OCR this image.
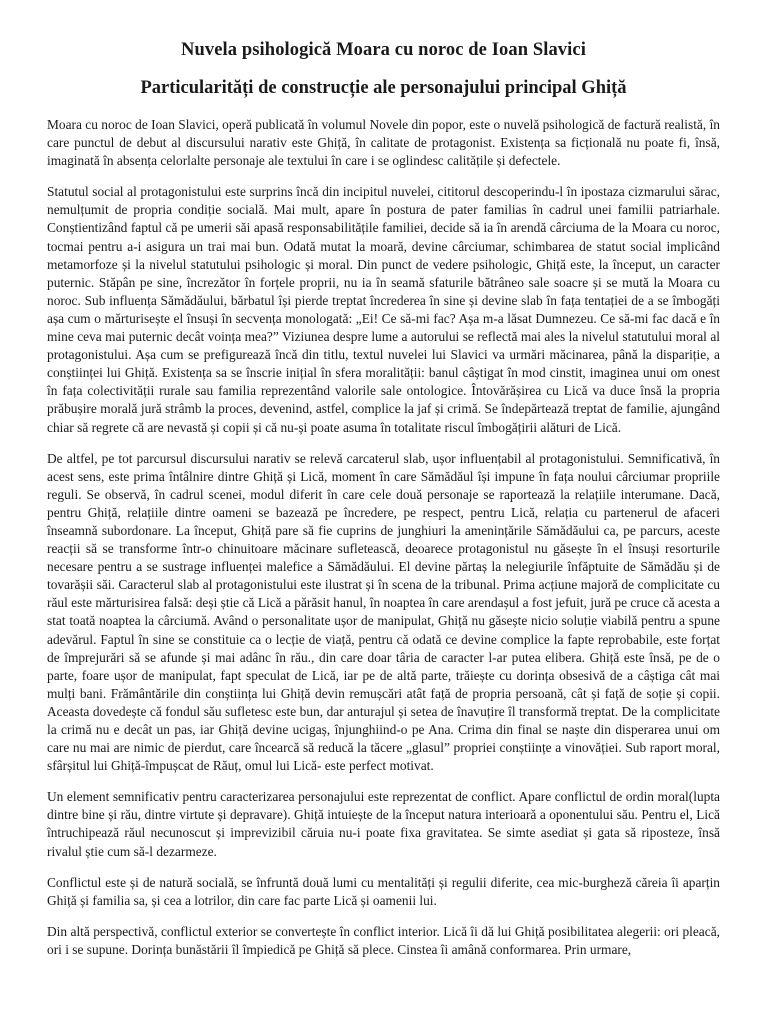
Nuvela psihologică Moara cu noroc de Ioan Slavici
Particularități de construcție ale personajului principal Ghiță

Moara cu noroc de Ioan Slavici, operă publicată în volumul Novele din popor, este o nuvelă psihologică de factură realistă, în care punctul de debut al discursului narativ este Ghiță, în calitate de protagonist. Existența sa ficțională nu poate fi, însă, imaginată în absența celorlalte personaje ale textului în care i se oglindesc calitățile și defectele.

Statutul social al protagonistului este surprins încă din incipitul nuvelei, cititorul descoperindu-l în ipostaza cizmarului sărac, nemulțumit de propria condiție socială. Mai mult, apare în postura de pater familias în cadrul unei familii patriarhale. Conștientizând faptul că pe umerii săi apasă responsabilitățile familiei, decide să ia în arendă cârciuma de la Moara cu noroc, tocmai pentru a-i asigura un trai mai bun. Odată mutat la moară, devine cârciumar, schimbarea de statut social implicând metamorfoze și la nivelul statutului psihologic și moral. Din punct de vedere psihologic, Ghiță este, la început, un caracter puternic. Stăpân pe sine, încrezător în forțele proprii, nu ia în seamă sfaturile bătrâneo sale soacre și se mută la Moara cu noroc. Sub influența Sămădăului, bărbatul își pierde treptat încrederea în sine și devine slab în fața tentației de a se îmbogăți așa cum o mărturisește el însuși în secvența monologată: „Ei! Ce să-mi fac? Așa m-a lăsat Dumnezeu. Ce să-mi fac dacă e în mine ceva mai puternic decât voința mea?” Viziunea despre lume a autorului se reflectă mai ales la nivelul statutului moral al protagonistului. Așa cum se prefigurează încă din titlu, textul nuvelei lui Slavici va urmări măcinarea, până la dispariție, a conștiinței lui Ghiță. Existența sa se înscrie inițial în sfera moralității: banul câștigat în mod cinstit, imaginea unui om onest în fața colectivității rurale sau familia reprezentând valorile sale ontologice. Întovărășirea cu Lică va duce însă la propria prăbușire morală jură strâmb la proces, devenind, astfel, complice la jaf și crimă. Se îndepărtează treptat de familie, ajungând chiar să regrete că are nevastă și copii și că nu-și poate asuma în totalitate riscul îmbogățirii alături de Lică.

De altfel, pe tot parcursul discursului narativ se relevă carcaterul slab, ușor influențabil al protagonistului. Semnificativă, în acest sens, este prima întâlnire dintre Ghiță și Lică, moment în care Sămădăul își impune în fața noului cârciumar propriile reguli. Se observă, în cadrul scenei, modul diferit în care cele două personaje se raportează la relațiile interumane. Dacă, pentru Ghiță, relațiile dintre oameni se bazează pe încredere, pe respect, pentru Lică, relația cu partenerul de afaceri înseamnă subordonare. La început, Ghiță pare să fie cuprins de junghiuri la amenințările Sămădăului ca, pe parcurs, aceste reacții să se transforme într-o chinuitoare măcinare sufletească, deoarece protagonistul nu găsește în el însuși resorturile necesare pentru a se sustrage influenței malefice a Sămădăului. El devine părtaș la nelegiurile înfăptuite de Sămădău și de tovarășii săi. Caracterul slab al protagonistului este ilustrat și în scena de la tribunal. Prima acțiune majoră de complicitate cu răul este mărturisirea falsă: deși știe că Lică a părăsit hanul, în noaptea în care arendașul a fost jefuit, jură pe cruce că acesta a stat toată noaptea la cârciumă. Având o personalitate ușor de manipulat, Ghiță nu găsește nicio soluție viabilă pentru a spune adevărul. Faptul în sine se constituie ca o lecție de viață, pentru că odată ce devine complice la fapte reprobabile, este forțat de împrejurări să se afunde și mai adânc în rău., din care doar târia de caracter l-ar putea elibera. Ghiță este însă, pe de o parte, foare ușor de manipulat, fapt speculat de Lică, iar pe de altă parte, trăiește cu dorința obsesivă de a câștiga cât mai mulți bani. Frământările din conștiința lui Ghiță devin remușcări atât față de propria persoană, cât și față de soție și copii. Aceasta dovedește că fondul său sufletesc este bun, dar anturajul și setea de înavuțire îl transformă treptat. De la complicitate la crimă nu e decât un pas, iar Ghiță devine ucigaș, înjunghiind-o pe Ana. Crima din final se naște din disperarea unui om care nu mai are nimic de pierdut, care încearcă să reducă la tăcere „glasul” propriei conștiințe a vinovăției. Sub raport moral, sfârșitul lui Ghiță-împușcat de Răuț, omul lui Lică- este perfect motivat.

Un element semnificativ pentru caracterizarea personajului este reprezentat de conflict. Apare conflictul de ordin moral(lupta dintre bine și rău, dintre virtute și depravare). Ghiță intuiește de la început natura interioară a oponentului său. Pentru el, Lică întruchipează răul necunoscut și imprevizibil căruia nu-i poate fixa gravitatea. Se simte asediat și gata să riposteze, însă rivalul știe cum să-l dezarmeze.

Conflictul este și de natură socială, se înfruntă două lumi cu mentalități și regulii diferite, cea mic-burgheză căreia îi aparțin Ghiță și familia sa, și cea a lotrilor, din care fac parte Lică și oamenii lui.

Din altă perspectivă, conflictul exterior se convertește în conflict interior. Lică îi dă lui Ghiță posibilitatea alegerii: ori pleacă, ori i se supune. Dorința bunăstării îl împiedică pe Ghiță să plece. Cinstea îi amână conformarea. Prin urmare,
